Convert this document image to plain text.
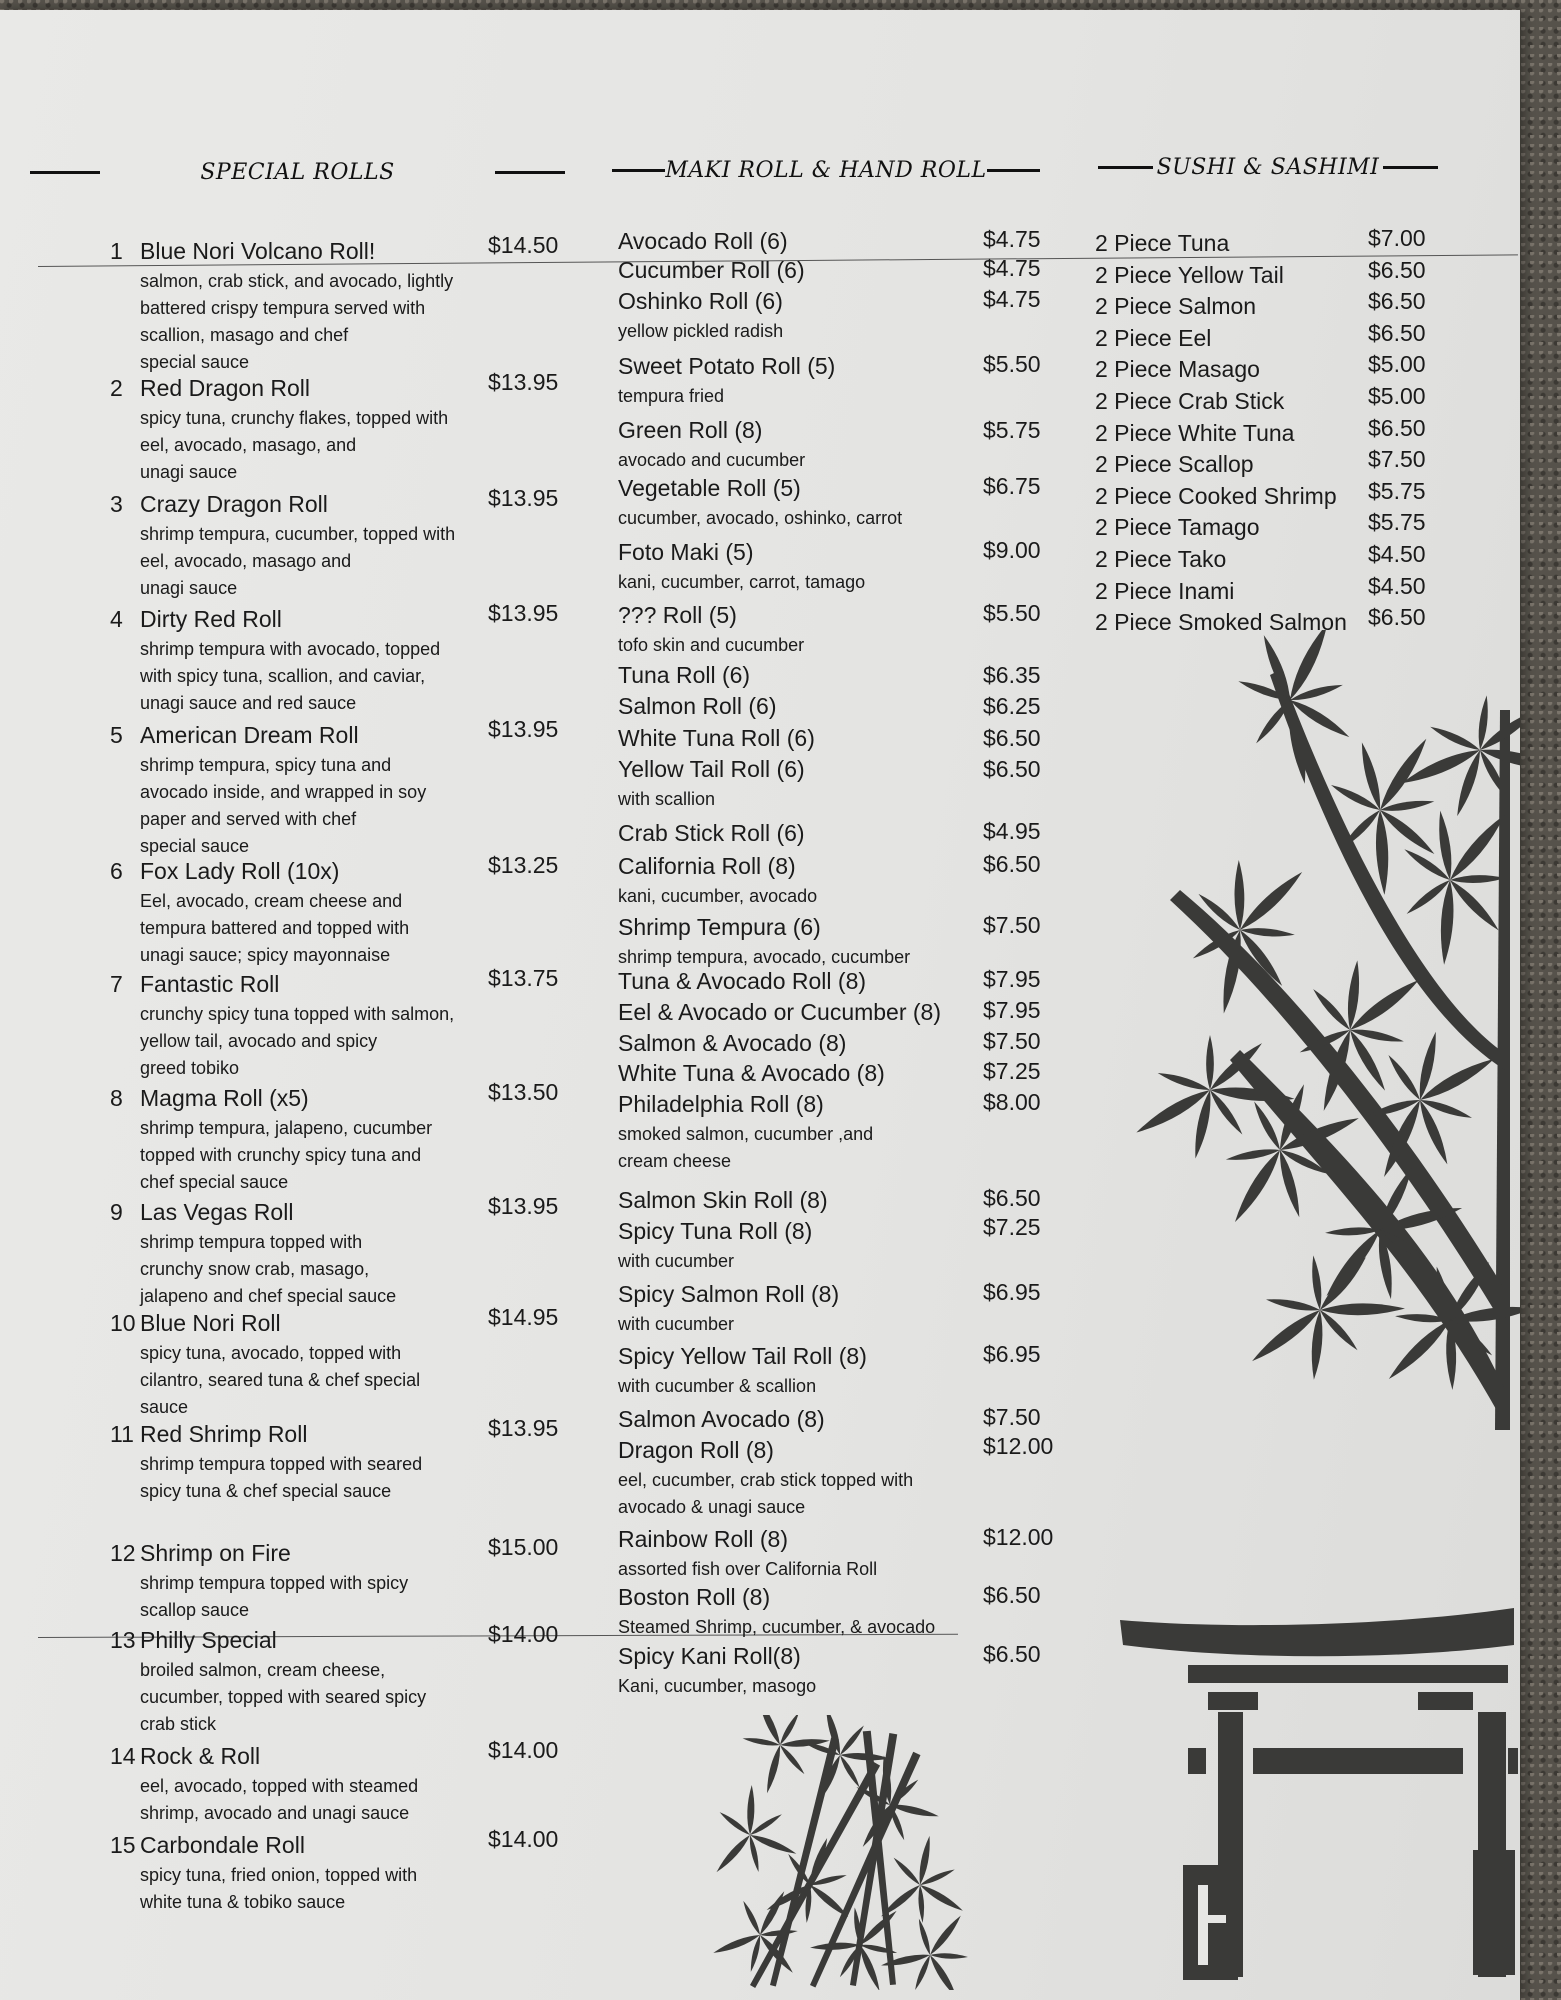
SPECIAL ROLLS	MAKI ROLL & HAND ROLL	SUSHI & SASHIMI
1 Blue Nori Volcano Roll!	$14.50
salmon, crab stick, and avocado, lightly
battered crispy tempura served with
scallion, masago and chef
special sauce
2 Red Dragon Roll	$13.95
spicy tuna, crunchy flakes, topped with
eel, avocado, masago, and
unagi sauce
3 Crazy Dragon Roll	$13.95
shrimp tempura, cucumber, topped with
eel, avocado, masago and
unagi sauce
4 Dirty Red Roll	$13.95
shrimp tempura with avocado, topped
with spicy tuna, scallion, and caviar,
unagi sauce and red sauce
5 American Dream Roll	$13.95
shrimp tempura, spicy tuna and
avocado inside, and wrapped in soy
paper and served with chef
special sauce
6 Fox Lady Roll (10x)	$13.25
Eel, avocado, cream cheese and
tempura battered and topped with
unagi sauce; spicy mayonnaise
7 Fantastic Roll	$13.75
crunchy spicy tuna topped with salmon,
yellow tail, avocado and spicy
greed tobiko
8 Magma Roll (x5)	$13.50
shrimp tempura, jalapeno, cucumber
topped with crunchy spicy tuna and
chef special sauce
9 Las Vegas Roll	$13.95
shrimp tempura topped with
crunchy snow crab, masago,
jalapeno and chef special sauce
10 Blue Nori Roll	$14.95
spicy tuna, avocado, topped with
cilantro, seared tuna & chef special
sauce
11 Red Shrimp Roll	$13.95
shrimp tempura topped with seared
spicy tuna & chef special sauce
12 Shrimp on Fire	$15.00
shrimp tempura topped with spicy
scallop sauce
13 Philly Special	$14.00
broiled salmon, cream cheese,
cucumber, topped with seared spicy
crab stick
14 Rock & Roll	$14.00
eel, avocado, topped with steamed
shrimp, avocado and unagi sauce
15 Carbondale Roll	$14.00
spicy tuna, fried onion, topped with
white tuna & tobiko sauce
Avocado Roll (6)	$4.75
Cucumber Roll (6)	$4.75
Oshinko Roll (6)	$4.75
yellow pickled radish
Sweet Potato Roll (5)	$5.50
tempura fried
Green Roll (8)	$5.75
avocado and cucumber
Vegetable Roll (5)	$6.75
cucumber, avocado, oshinko, carrot
Foto Maki (5)	$9.00
kani, cucumber, carrot, tamago
??? Roll (5)	$5.50
tofo skin and cucumber
Tuna Roll (6)	$6.35
Salmon Roll (6)	$6.25
White Tuna Roll (6)	$6.50
Yellow Tail Roll (6)	$6.50
with scallion
Crab Stick Roll (6)	$4.95
California Roll (8)	$6.50
kani, cucumber, avocado
Shrimp Tempura (6)	$7.50
shrimp tempura, avocado, cucumber
Tuna & Avocado Roll (8)	$7.95
Eel & Avocado or Cucumber (8) $7.95
Salmon & Avocado (8)	$7.50
White Tuna & Avocado (8)	$7.25
Philadelphia Roll (8)	$8.00
smoked salmon, cucumber ,and
cream cheese
Salmon Skin Roll (8)	$6.50
Spicy Tuna Roll (8)	$7.25
with cucumber
Spicy Salmon Roll (8)	$6.95
with cucumber
Spicy Yellow Tail Roll (8)	$6.95
with cucumber & scallion
Salmon Avocado (8)	$7.50
Dragon Roll (8)	$12.00
eel, cucumber, crab stick topped with
avocado & unagi sauce
Rainbow Roll (8)	$12.00
assorted fish over California Roll
Boston Roll (8)	$6.50
Steamed Shrimp, cucumber, & avocado
Spicy Kani Roll(8)	$6.50
Kani, cucumber, masogo
2 Piece Tuna	$7.00
2 Piece Yellow Tail	$6.50
2 Piece Salmon	$6.50
2 Piece Eel	$6.50
2 Piece Masago	$5.00
2 Piece Crab Stick	$5.00
2 Piece White Tuna	$6.50
2 Piece Scallop	$7.50
2 Piece Cooked Shrimp $5.75
2 Piece Tamago	$5.75
2 Piece Tako	$4.50
2 Piece Inami	$4.50
2 Piece Smoked Salmon $6.50
